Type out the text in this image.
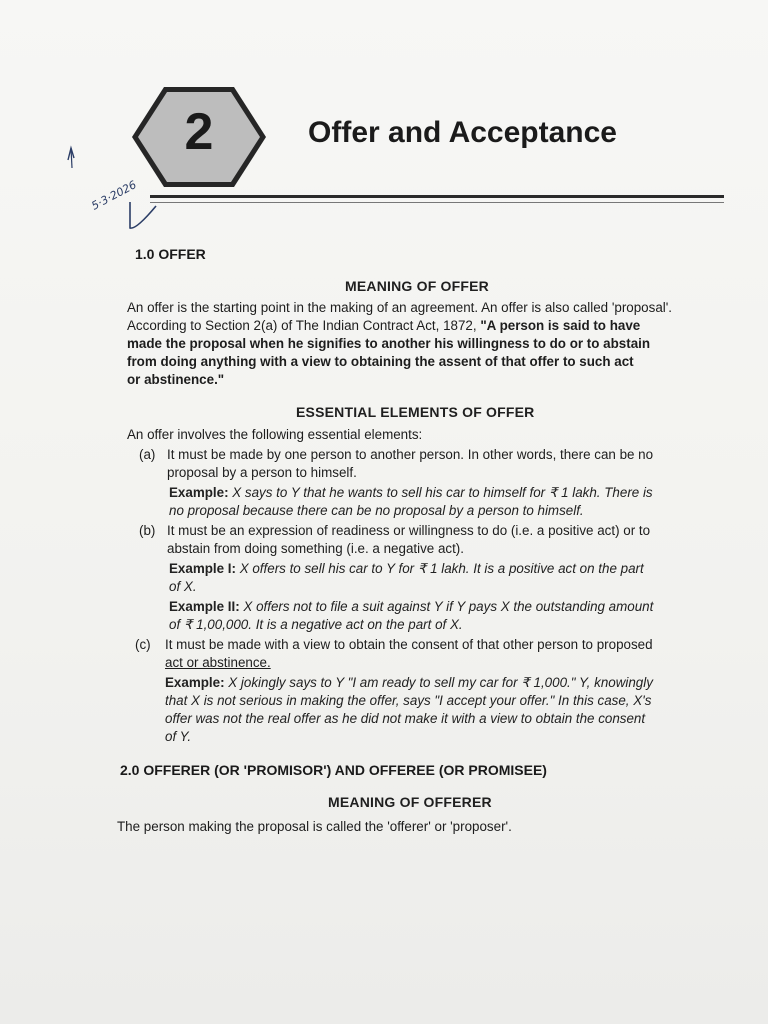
2	Offer and Acceptance
5·3·2026
1.0 OFFER
MEANING OF OFFER
An offer is the starting point in the making of an agreement. An offer is also called 'proposal'.
According to Section 2(a) of The Indian Contract Act, 1872, "A person is said to have
made the proposal when he signifies to another his willingness to do or to abstain
from doing anything with a view to obtaining the assent of that offer to such act
or abstinence."
ESSENTIAL ELEMENTS OF OFFER
An offer involves the following essential elements:
(a) It must be made by one person to another person. In other words, there can be no
proposal by a person to himself.
Example: X says to Y that he wants to sell his car to himself for ₹ 1 lakh. There is
no proposal because there can be no proposal by a person to himself.
(b) It must be an expression of readiness or willingness to do (i.e. a positive act) or to
abstain from doing something (i.e. a negative act).
Example I: X offers to sell his car to Y for ₹ 1 lakh. It is a positive act on the part
of X.
Example II: X offers not to file a suit against Y if Y pays X the outstanding amount
of ₹ 1,00,000. It is a negative act on the part of X.
(c) It must be made with a view to obtain the consent of that other person to proposed
act or abstinence.
Example: X jokingly says to Y "I am ready to sell my car for ₹ 1,000." Y, knowingly
that X is not serious in making the offer, says "I accept your offer." In this case, X's
offer was not the real offer as he did not make it with a view to obtain the consent
of Y.
2.0 OFFERER (OR 'PROMISOR') AND OFFEREE (OR PROMISEE)
MEANING OF OFFERER
The person making the proposal is called the 'offerer' or 'proposer'.
